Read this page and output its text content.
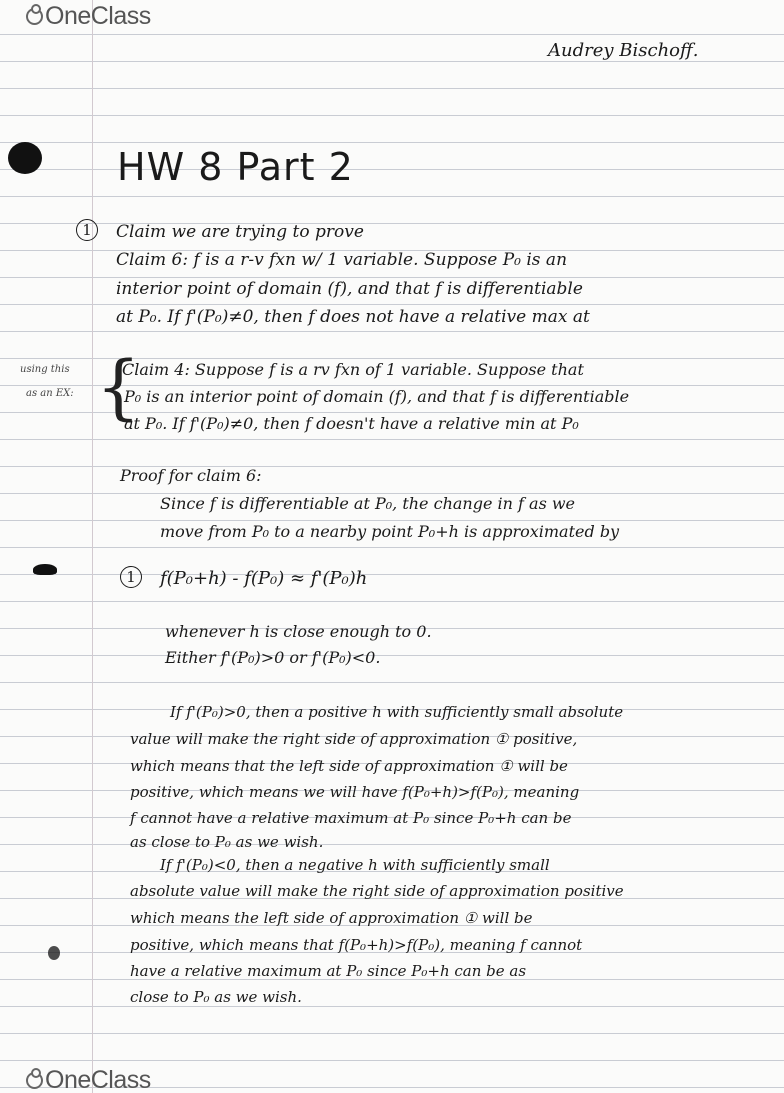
OneClass
OneClass
Audrey Bischoff.
HW 8 Part 2
1	Claim we are trying to prove
Claim 6: f is a r-v fxn w/ 1 variable. Suppose P₀ is an
interior point of domain (f), and that f is differentiable
at P₀. If f'(P₀)≠0, then f does not have a relative max at
using this
as an EX: {
Claim 4: Suppose f is a rv fxn of 1 variable. Suppose that
P₀ is an interior point of domain (f), and that f is differentiable
at P₀. If f'(P₀)≠0, then f doesn't have a relative min at P₀
Proof for claim 6:
Since f is differentiable at P₀, the change in f as we
move from P₀ to a nearby point P₀+h is approximated by
1	f(P₀+h) - f(P₀) ≈ f'(P₀)h
whenever h is close enough to 0.
Either f'(P₀)>0 or f'(P₀)<0.
If f'(P₀)>0, then a positive h with sufficiently small absolute
value will make the right side of approximation ① positive,
which means that the left side of approximation ① will be
positive, which means we will have f(P₀+h)>f(P₀), meaning
f cannot have a relative maximum at P₀ since P₀+h can be
as close to P₀ as we wish.
If f'(P₀)<0, then a negative h with sufficiently small
absolute value will make the right side of approximation positive
which means the left side of approximation ① will be
positive, which means that f(P₀+h)>f(P₀), meaning f cannot
have a relative maximum at P₀ since P₀+h can be as
close to P₀ as we wish.
